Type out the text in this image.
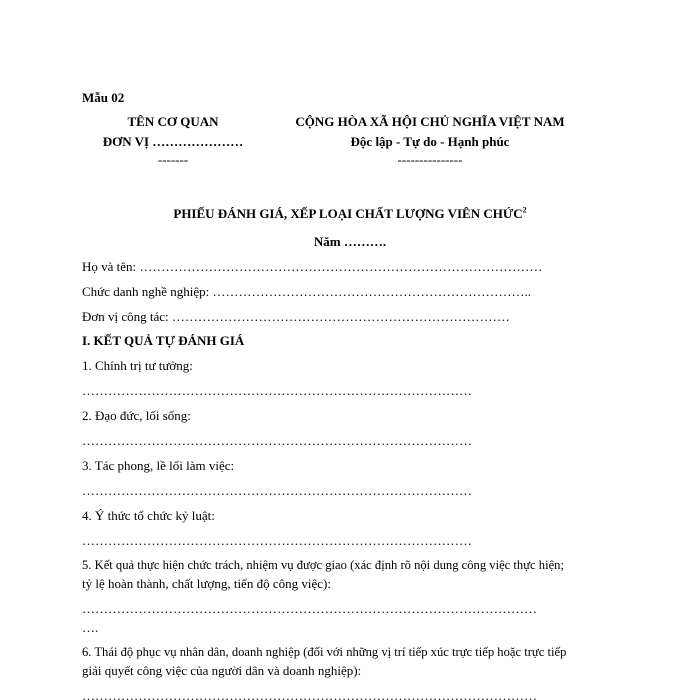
Mẫu 02
TÊN CƠ QUAN
ĐƠN VỊ …………………
-------
CỘNG HÒA XÃ HỘI CHỦ NGHĨA VIỆT NAM
Độc lập - Tự do - Hạnh phúc
---------------
PHIẾU ĐÁNH GIÁ, XẾP LOẠI CHẤT LƯỢNG VIÊN CHỨC$^2$
Năm ……….
Họ và tên: …………………………………………………………………………………
Chức danh nghề nghiệp: ………………………………………………………………..
Đơn vị công tác: ……………………………………………………………………
I. KẾT QUẢ TỰ ĐÁNH GIÁ
1. Chính trị tư tưởng:
………………………………………………………………………………
2. Đạo đức, lối sống:
………………………………………………………………………………
3. Tác phong, lề lối làm việc:
………………………………………………………………………………
4. Ý thức tổ chức kỷ luật:
………………………………………………………………………………
5. Kết quả thực hiện chức trách, nhiệm vụ được giao (xác định rõ nội dung công việc thực hiện;
tỷ lệ hoàn thành, chất lượng, tiến độ công việc):
……………………………………………………………………………………………
….
6. Thái độ phục vụ nhân dân, doanh nghiệp (đối với những vị trí tiếp xúc trực tiếp hoặc trực tiếp
giải quyết công việc của người dân và doanh nghiệp):
……………………………………………………………………………………………
